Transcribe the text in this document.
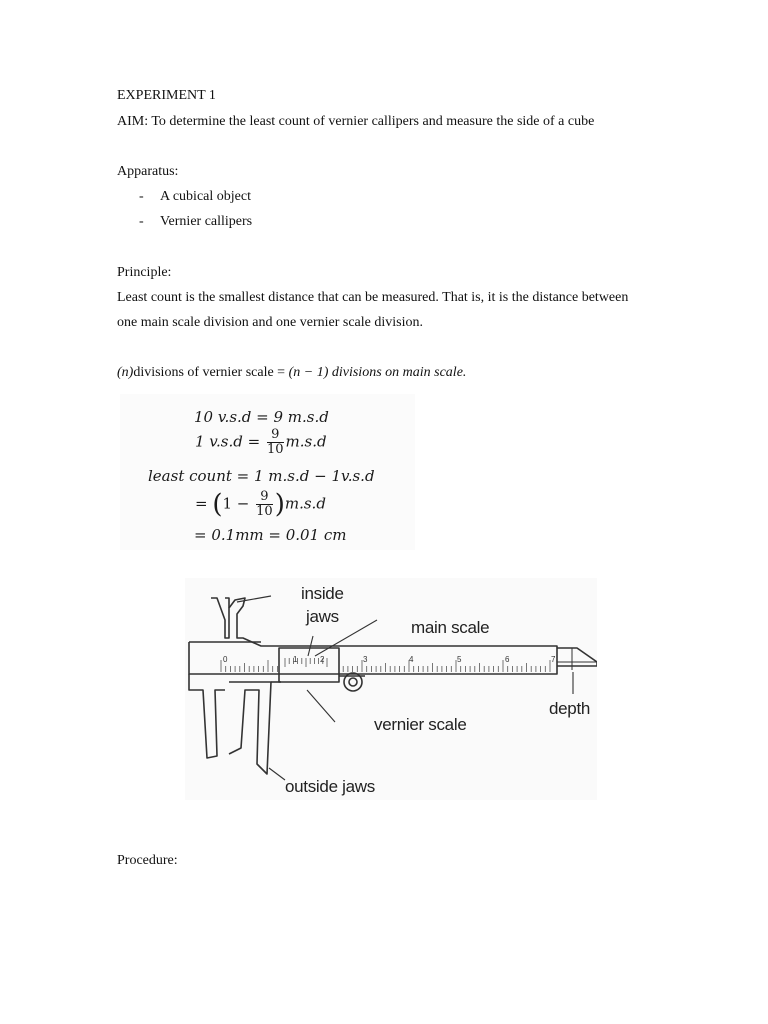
EXPERIMENT 1
AIM: To determine the least count of vernier callipers and measure the side of a cube
Apparatus:
- A cubical object
- Vernier callipers
Principle:
Least count is the smallest distance that can be measured. That is, it is the distance between
one main scale division and one vernier scale division.
(n)divisions of vernier scale = (n − 1) divisions on main scale.
10 v.s.d = 9 m.s.d
1 $v.s.d = \frac{9}{10} m.s.d$
least count = 1 m.s.d − 1v.s.d
= $(1 - \frac{9}{10} )m.s.d$
= 0.1mm = 0.01 cm
0	1	2	3	4	5	6	7
inside
jaws
main scale
depth
vernier scale
outside jaws
Procedure:
